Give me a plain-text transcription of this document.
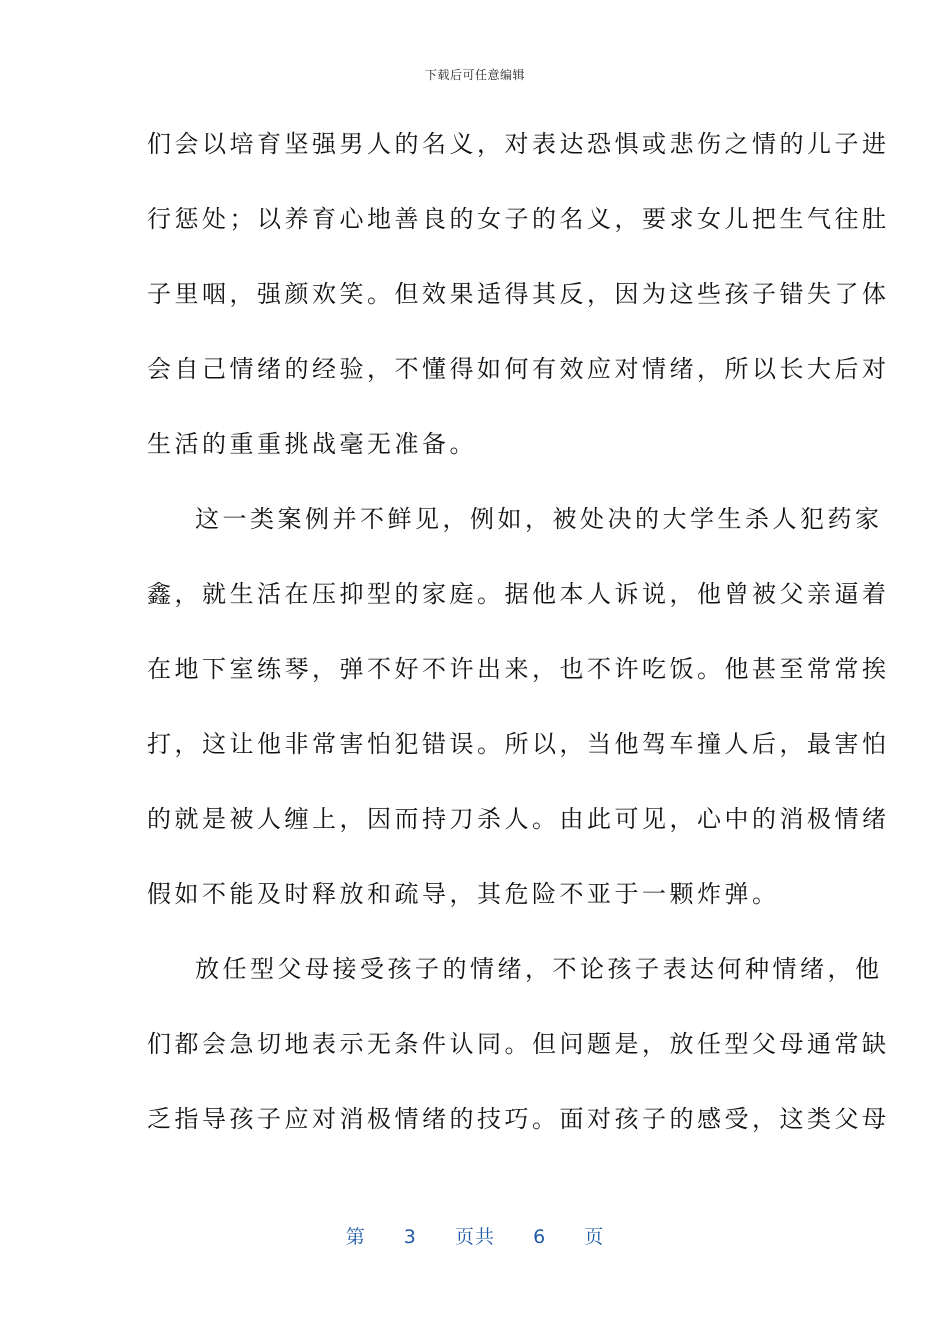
下载后可任意编辑
们会以培育坚强男人的名义，对表达恐惧或悲伤之情的儿子进
行惩处；以养育心地善良的女子的名义，要求女儿把生气往肚
子里咽，强颜欢笑。但效果适得其反，因为这些孩子错失了体
会自己情绪的经验，不懂得如何有效应对情绪，所以长大后对
生活的重重挑战毫无准备。
这一类案例并不鲜见，例如，被处决的大学生杀人犯药家
鑫，就生活在压抑型的家庭。据他本人诉说，他曾被父亲逼着
在地下室练琴，弹不好不许出来，也不许吃饭。他甚至常常挨
打，这让他非常害怕犯错误。所以，当他驾车撞人后，最害怕
的就是被人缠上，因而持刀杀人。由此可见，心中的消极情绪
假如不能及时释放和疏导，其危险不亚于一颗炸弹。
放任型父母接受孩子的情绪，不论孩子表达何种情绪，他
们都会急切地表示无条件认同。但问题是，放任型父母通常缺
乏指导孩子应对消极情绪的技巧。面对孩子的感受，这类父母
第 3 页共 6 页
